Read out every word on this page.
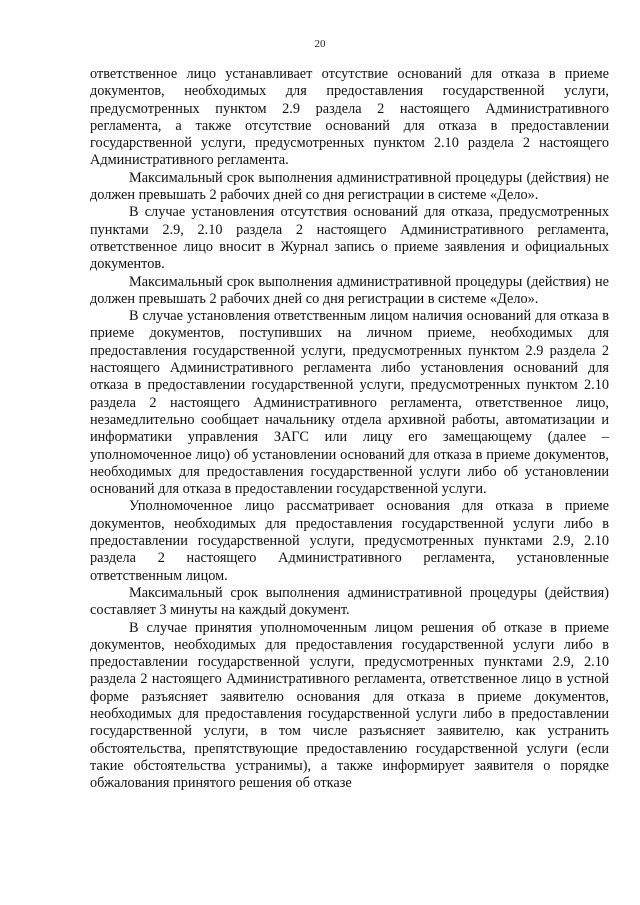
20

ответственное лицо устанавливает отсутствие оснований для отказа в приеме документов, необходимых для предоставления государственной услуги, предусмотренных пунктом 2.9 раздела 2 настоящего Административного регламента, а также отсутствие оснований для отказа в предоставлении государственной услуги, предусмотренных пунктом 2.10 раздела 2 настоящего Административного регламента.

Максимальный срок выполнения административной процедуры (действия) не должен превышать 2 рабочих дней со дня регистрации в системе «Дело».

В случае установления отсутствия оснований для отказа, предусмотренных пунктами 2.9, 2.10 раздела 2 настоящего Административного регламента, ответственное лицо вносит в Журнал запись о приеме заявления и официальных документов.

Максимальный срок выполнения административной процедуры (действия) не должен превышать 2 рабочих дней со дня регистрации в системе «Дело».

В случае установления ответственным лицом наличия оснований для отказа в приеме документов, поступивших на личном приеме, необходимых для предоставления государственной услуги, предусмотренных пунктом 2.9 раздела 2 настоящего Административного регламента либо установления оснований для отказа в предоставлении государственной услуги, предусмотренных пунктом 2.10 раздела 2 настоящего Административного регламента, ответственное лицо, незамедлительно сообщает начальнику отдела архивной работы, автоматизации и информатики управления ЗАГС или лицу его замещающему (далее – уполномоченное лицо) об установлении оснований для отказа в приеме документов, необходимых для предоставления государственной услуги либо об установлении оснований для отказа в предоставлении государственной услуги.

Уполномоченное лицо рассматривает основания для отказа в приеме документов, необходимых для предоставления государственной услуги либо в предоставлении государственной услуги, предусмотренных пунктами 2.9, 2.10 раздела 2 настоящего Административного регламента, установленные ответственным лицом.

Максимальный срок выполнения административной процедуры (действия) составляет 3 минуты на каждый документ.

В случае принятия уполномоченным лицом решения об отказе в приеме документов, необходимых для предоставления государственной услуги либо в предоставлении государственной услуги, предусмотренных пунктами 2.9, 2.10 раздела 2 настоящего Административного регламента, ответственное лицо в устной форме разъясняет заявителю основания для отказа в приеме документов, необходимых для предоставления государственной услуги либо в предоставлении государственной услуги, в том числе разъясняет заявителю, как устранить обстоятельства, препятствующие предоставлению государственной услуги (если такие обстоятельства устранимы), а также информирует заявителя о порядке обжалования принятого решения об отказе
